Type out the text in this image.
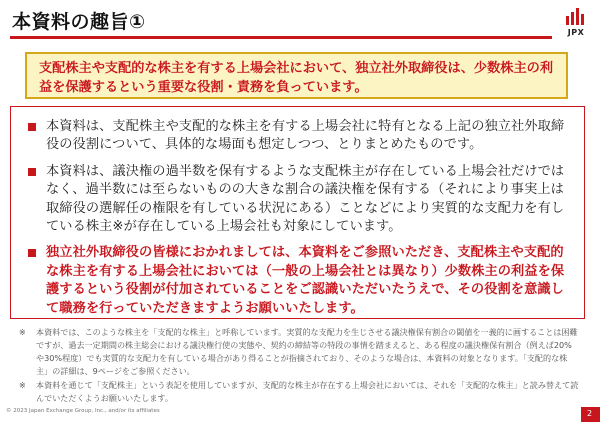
本資料の趣旨①	JPX
支配株主や支配的な株主を有する上場会社において、独立社外取締役は、少数株主の利益を保護するという重要な役割・責務を負っています。
本資料は、支配株主や支配的な株主を有する上場会社に特有となる上記の独立社外取締役の役割について、具体的な場面も想定しつつ、とりまとめたものです。
本資料は、議決権の過半数を保有するような支配株主が存在している上場会社だけではなく、過半数には至らないものの大きな割合の議決権を保有する（それにより事実上は取締役の選解任の権限を有している状況にある）ことなどにより実質的な支配力を有している株主※が存在している上場会社も対象にしています。
独立社外取締役の皆様におかれましては、本資料をご参照いただき、支配株主や支配的な株主を有する上場会社においては（一般の上場会社とは異なり）少数株主の利益を保護するという役割が付加されていることをご認識いただいたうえで、その役割を意識して職務を行っていただきますようお願いいたします。
※ 本資料では、このような株主を「支配的な株主」と呼称しています。実質的な支配力を生じさせる議決権保有割合の閾値を一義的に画することは困難ですが、過去一定期間の株主総会における議決権行使の実態や、契約の締結等の特段の事情を踏まえると、ある程度の議決権保有割合（例えば20%や30%程度）でも実質的な支配力を有している場合があり得ることが指摘されており、そのような場合は、本資料の対象となります。「支配的な株主」の詳細は、9ページをご参照ください。
※ 本資料を通じて「支配株主」という表記を使用していますが、支配的な株主が存在する上場会社においては、それを「支配的な株主」と読み替えて読んでいただくようお願いいたします。
© 2023 Japan Exchange Group, Inc., and/or its affiliates	2
